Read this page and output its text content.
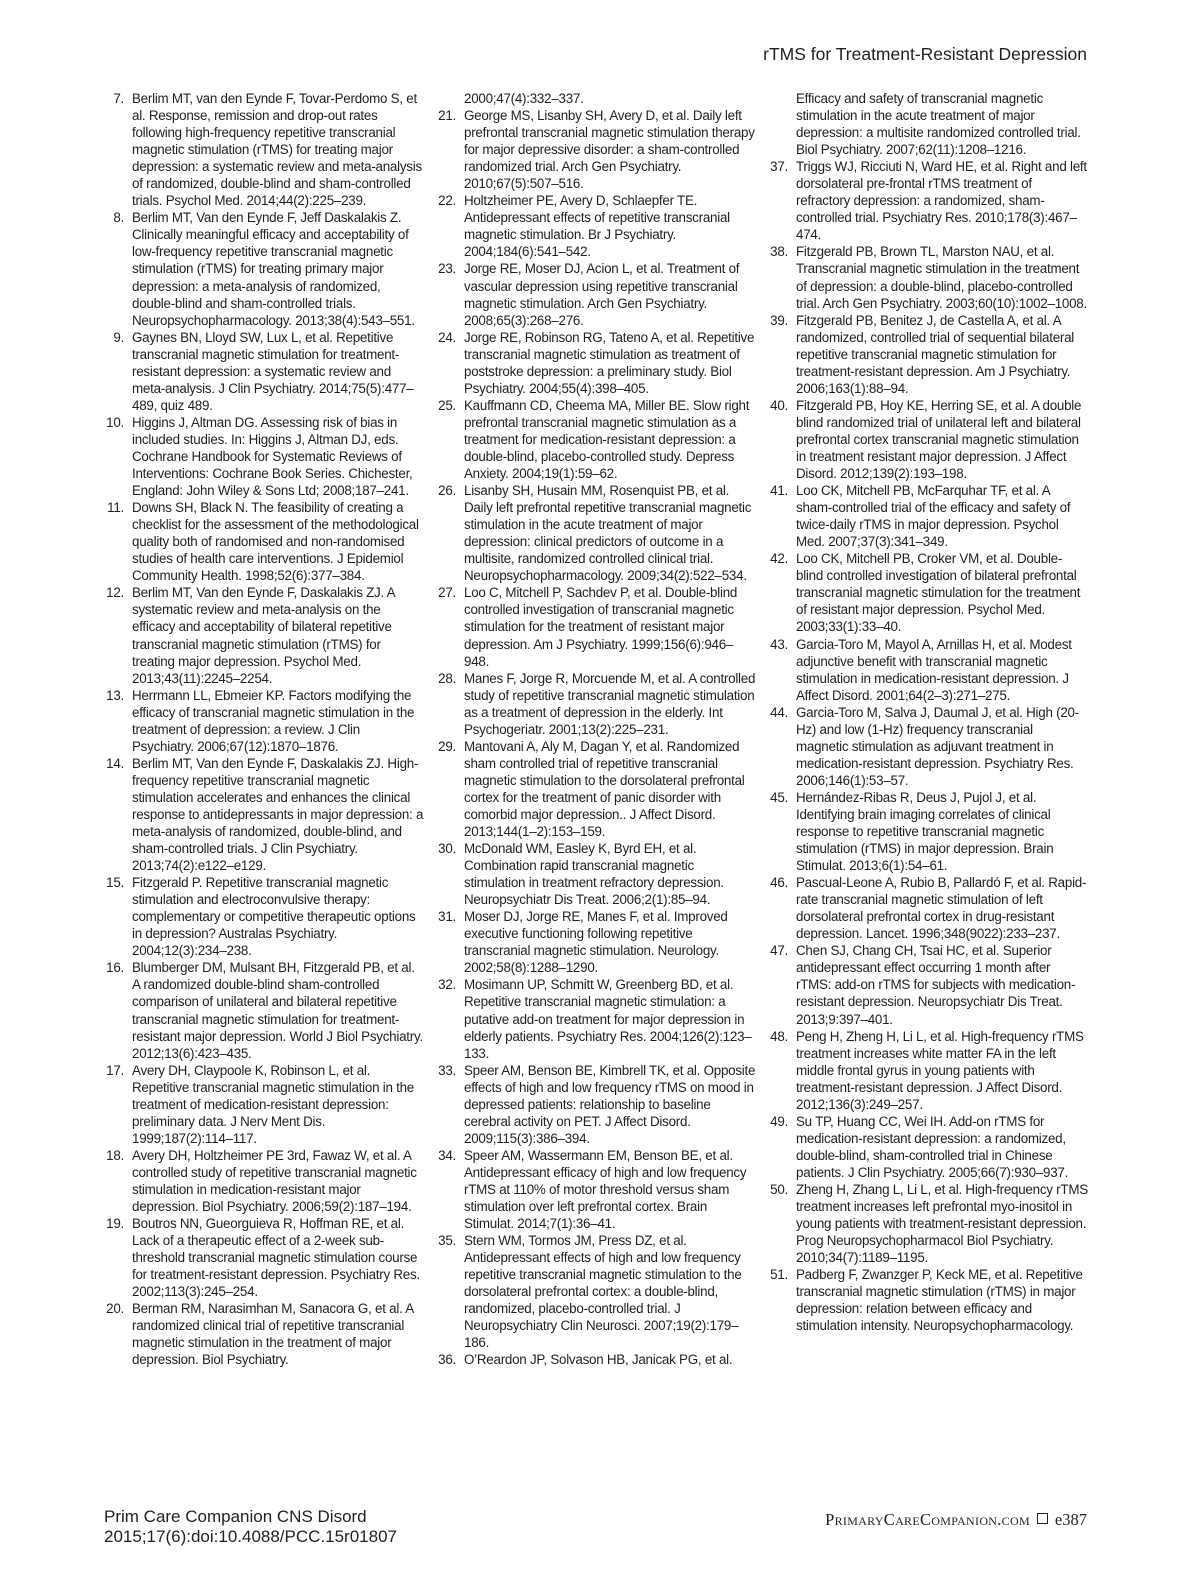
rTMS for Treatment-Resistant Depression
7. Berlim MT, van den Eynde F, Tovar-Perdomo S, et al. Response, remission and drop-out rates following high-frequency repetitive transcranial magnetic stimulation (rTMS) for treating major depression: a systematic review and meta-analysis of randomized, double-blind and sham-controlled trials. Psychol Med. 2014;44(2):225–239.
8. Berlim MT, Van den Eynde F, Jeff Daskalakis Z. Clinically meaningful efficacy and acceptability of low-frequency repetitive transcranial magnetic stimulation (rTMS) for treating primary major depression: a meta-analysis of randomized, double-blind and sham-controlled trials. Neuropsychopharmacology. 2013;38(4):543–551.
9. Gaynes BN, Lloyd SW, Lux L, et al. Repetitive transcranial magnetic stimulation for treatment-resistant depression: a systematic review and meta-analysis. J Clin Psychiatry. 2014;75(5):477–489, quiz 489.
10. Higgins J, Altman DG. Assessing risk of bias in included studies. In: Higgins J, Altman DJ, eds. Cochrane Handbook for Systematic Reviews of Interventions: Cochrane Book Series. Chichester, England: John Wiley & Sons Ltd; 2008;187–241.
11. Downs SH, Black N. The feasibility of creating a checklist for the assessment of the methodological quality both of randomised and non-randomised studies of health care interventions. J Epidemiol Community Health. 1998;52(6):377–384.
12. Berlim MT, Van den Eynde F, Daskalakis ZJ. A systematic review and meta-analysis on the efficacy and acceptability of bilateral repetitive transcranial magnetic stimulation (rTMS) for treating major depression. Psychol Med. 2013;43(11):2245–2254.
13. Herrmann LL, Ebmeier KP. Factors modifying the efficacy of transcranial magnetic stimulation in the treatment of depression: a review. J Clin Psychiatry. 2006;67(12):1870–1876.
14. Berlim MT, Van den Eynde F, Daskalakis ZJ. High-frequency repetitive transcranial magnetic stimulation accelerates and enhances the clinical response to antidepressants in major depression: a meta-analysis of randomized, double-blind, and sham-controlled trials. J Clin Psychiatry. 2013;74(2):e122–e129.
15. Fitzgerald P. Repetitive transcranial magnetic stimulation and electroconvulsive therapy: complementary or competitive therapeutic options in depression? Australas Psychiatry. 2004;12(3):234–238.
16. Blumberger DM, Mulsant BH, Fitzgerald PB, et al. A randomized double-blind sham-controlled comparison of unilateral and bilateral repetitive transcranial magnetic stimulation for treatment-resistant major depression. World J Biol Psychiatry. 2012;13(6):423–435.
17. Avery DH, Claypoole K, Robinson L, et al. Repetitive transcranial magnetic stimulation in the treatment of medication-resistant depression: preliminary data. J Nerv Ment Dis. 1999;187(2):114–117.
18. Avery DH, Holtzheimer PE 3rd, Fawaz W, et al. A controlled study of repetitive transcranial magnetic stimulation in medication-resistant major depression. Biol Psychiatry. 2006;59(2):187–194.
19. Boutros NN, Gueorguieva R, Hoffman RE, et al. Lack of a therapeutic effect of a 2-week sub-threshold transcranial magnetic stimulation course for treatment-resistant depression. Psychiatry Res. 2002;113(3):245–254.
20. Berman RM, Narasimhan M, Sanacora G, et al. A randomized clinical trial of repetitive transcranial magnetic stimulation in the treatment of major depression. Biol Psychiatry.
2000;47(4):332–337.
21. George MS, Lisanby SH, Avery D, et al. Daily left prefrontal transcranial magnetic stimulation therapy for major depressive disorder: a sham-controlled randomized trial. Arch Gen Psychiatry. 2010;67(5):507–516.
22. Holtzheimer PE, Avery D, Schlaepfer TE. Antidepressant effects of repetitive transcranial magnetic stimulation. Br J Psychiatry. 2004;184(6):541–542.
23. Jorge RE, Moser DJ, Acion L, et al. Treatment of vascular depression using repetitive transcranial magnetic stimulation. Arch Gen Psychiatry. 2008;65(3):268–276.
24. Jorge RE, Robinson RG, Tateno A, et al. Repetitive transcranial magnetic stimulation as treatment of poststroke depression: a preliminary study. Biol Psychiatry. 2004;55(4):398–405.
25. Kauffmann CD, Cheema MA, Miller BE. Slow right prefrontal transcranial magnetic stimulation as a treatment for medication-resistant depression: a double-blind, placebo-controlled study. Depress Anxiety. 2004;19(1):59–62.
26. Lisanby SH, Husain MM, Rosenquist PB, et al. Daily left prefrontal repetitive transcranial magnetic stimulation in the acute treatment of major depression: clinical predictors of outcome in a multisite, randomized controlled clinical trial. Neuropsychopharmacology. 2009;34(2):522–534.
27. Loo C, Mitchell P, Sachdev P, et al. Double-blind controlled investigation of transcranial magnetic stimulation for the treatment of resistant major depression. Am J Psychiatry. 1999;156(6):946–948.
28. Manes F, Jorge R, Morcuende M, et al. A controlled study of repetitive transcranial magnetic stimulation as a treatment of depression in the elderly. Int Psychogeriatr. 2001;13(2):225–231.
29. Mantovani A, Aly M, Dagan Y, et al. Randomized sham controlled trial of repetitive transcranial magnetic stimulation to the dorsolateral prefrontal cortex for the treatment of panic disorder with comorbid major depression.. J Affect Disord. 2013;144(1–2):153–159.
30. McDonald WM, Easley K, Byrd EH, et al. Combination rapid transcranial magnetic stimulation in treatment refractory depression. Neuropsychiatr Dis Treat. 2006;2(1):85–94.
31. Moser DJ, Jorge RE, Manes F, et al. Improved executive functioning following repetitive transcranial magnetic stimulation. Neurology. 2002;58(8):1288–1290.
32. Mosimann UP, Schmitt W, Greenberg BD, et al. Repetitive transcranial magnetic stimulation: a putative add-on treatment for major depression in elderly patients. Psychiatry Res. 2004;126(2):123–133.
33. Speer AM, Benson BE, Kimbrell TK, et al. Opposite effects of high and low frequency rTMS on mood in depressed patients: relationship to baseline cerebral activity on PET. J Affect Disord. 2009;115(3):386–394.
34. Speer AM, Wassermann EM, Benson BE, et al. Antidepressant efficacy of high and low frequency rTMS at 110% of motor threshold versus sham stimulation over left prefrontal cortex. Brain Stimulat. 2014;7(1):36–41.
35. Stern WM, Tormos JM, Press DZ, et al. Antidepressant effects of high and low frequency repetitive transcranial magnetic stimulation to the dorsolateral prefrontal cortex: a double-blind, randomized, placebo-controlled trial. J Neuropsychiatry Clin Neurosci. 2007;19(2):179–186.
36. O’Reardon JP, Solvason HB, Janicak PG, et al.
Efficacy and safety of transcranial magnetic stimulation in the acute treatment of major depression: a multisite randomized controlled trial. Biol Psychiatry. 2007;62(11):1208–1216.
37. Triggs WJ, Ricciuti N, Ward HE, et al. Right and left dorsolateral pre-frontal rTMS treatment of refractory depression: a randomized, sham-controlled trial. Psychiatry Res. 2010;178(3):467–474.
38. Fitzgerald PB, Brown TL, Marston NAU, et al. Transcranial magnetic stimulation in the treatment of depression: a double-blind, placebo-controlled trial. Arch Gen Psychiatry. 2003;60(10):1002–1008.
39. Fitzgerald PB, Benitez J, de Castella A, et al. A randomized, controlled trial of sequential bilateral repetitive transcranial magnetic stimulation for treatment-resistant depression. Am J Psychiatry. 2006;163(1):88–94.
40. Fitzgerald PB, Hoy KE, Herring SE, et al. A double blind randomized trial of unilateral left and bilateral prefrontal cortex transcranial magnetic stimulation in treatment resistant major depression. J Affect Disord. 2012;139(2):193–198.
41. Loo CK, Mitchell PB, McFarquhar TF, et al. A sham-controlled trial of the efficacy and safety of twice-daily rTMS in major depression. Psychol Med. 2007;37(3):341–349.
42. Loo CK, Mitchell PB, Croker VM, et al. Double-blind controlled investigation of bilateral prefrontal transcranial magnetic stimulation for the treatment of resistant major depression. Psychol Med. 2003;33(1):33–40.
43. Garcia-Toro M, Mayol A, Arnillas H, et al. Modest adjunctive benefit with transcranial magnetic stimulation in medication-resistant depression. J Affect Disord. 2001;64(2–3):271–275.
44. Garcia-Toro M, Salva J, Daumal J, et al. High (20-Hz) and low (1-Hz) frequency transcranial magnetic stimulation as adjuvant treatment in medication-resistant depression. Psychiatry Res. 2006;146(1):53–57.
45. Hernández-Ribas R, Deus J, Pujol J, et al. Identifying brain imaging correlates of clinical response to repetitive transcranial magnetic stimulation (rTMS) in major depression. Brain Stimulat. 2013;6(1):54–61.
46. Pascual-Leone A, Rubio B, Pallardó F, et al. Rapid-rate transcranial magnetic stimulation of left dorsolateral prefrontal cortex in drug-resistant depression. Lancet. 1996;348(9022):233–237.
47. Chen SJ, Chang CH, Tsai HC, et al. Superior antidepressant effect occurring 1 month after rTMS: add-on rTMS for subjects with medication-resistant depression. Neuropsychiatr Dis Treat. 2013;9:397–401.
48. Peng H, Zheng H, Li L, et al. High-frequency rTMS treatment increases white matter FA in the left middle frontal gyrus in young patients with treatment-resistant depression. J Affect Disord. 2012;136(3):249–257.
49. Su TP, Huang CC, Wei IH. Add-on rTMS for medication-resistant depression: a randomized, double-blind, sham-controlled trial in Chinese patients. J Clin Psychiatry. 2005;66(7):930–937.
50. Zheng H, Zhang L, Li L, et al. High-frequency rTMS treatment increases left prefrontal myo-inositol in young patients with treatment-resistant depression. Prog Neuropsychopharmacol Biol Psychiatry. 2010;34(7):1189–1195.
51. Padberg F, Zwanzger P, Keck ME, et al. Repetitive transcranial magnetic stimulation (rTMS) in major depression: relation between efficacy and stimulation intensity. Neuropsychopharmacology.
Prim Care Companion CNS Disord
2015;17(6):doi:10.4088/PCC.15r01807
PrimaryCareCompanion.com e387
